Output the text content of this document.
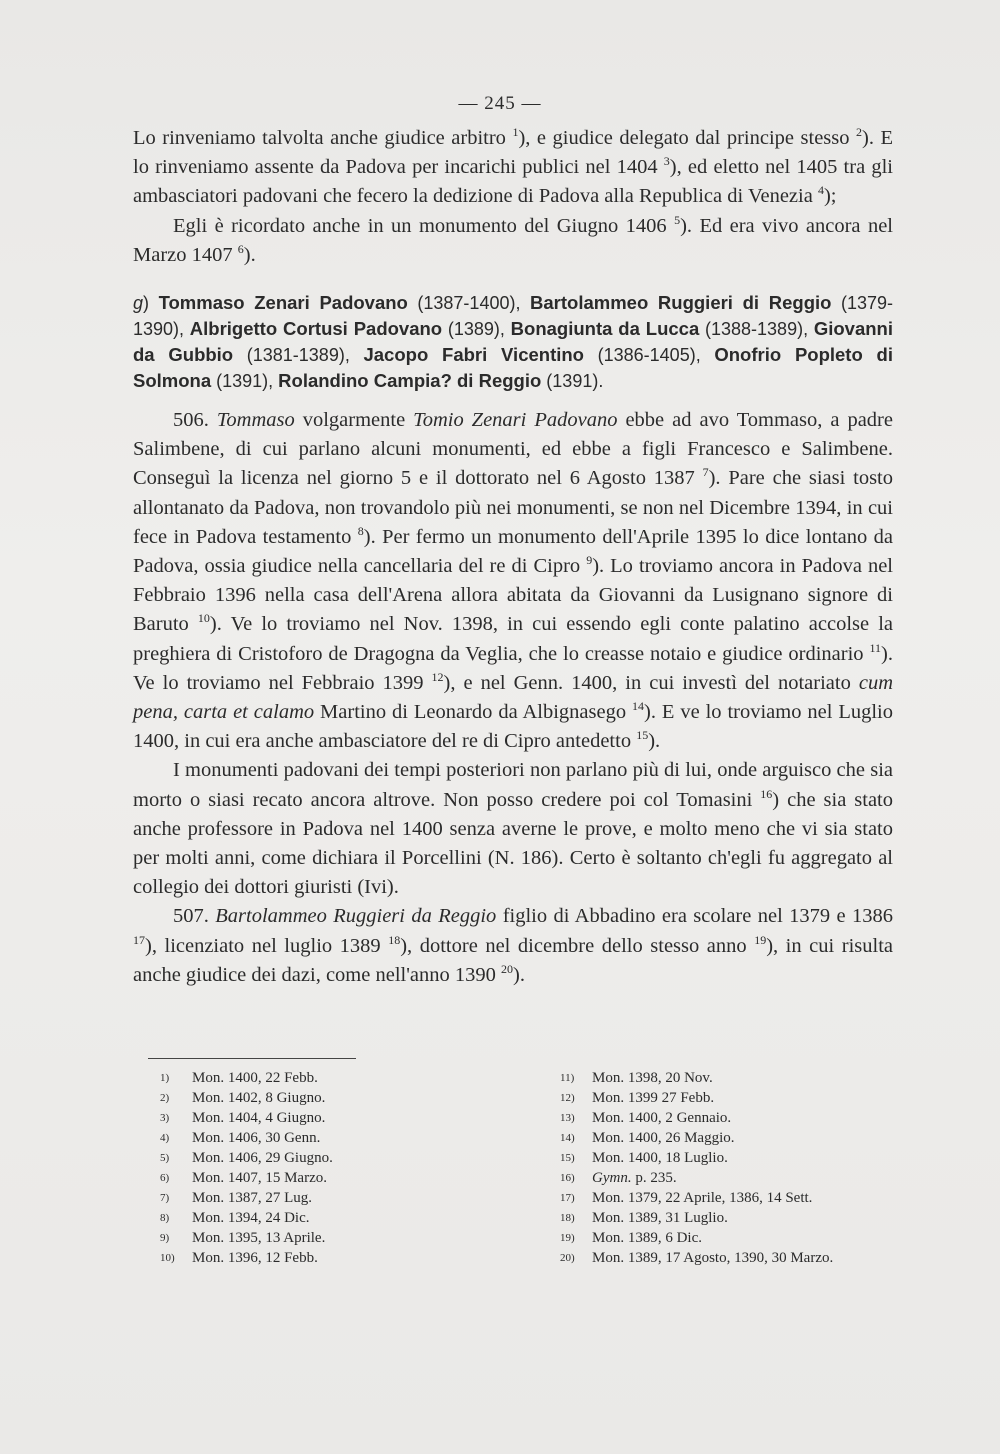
— 245 —

Lo rinveniamo talvolta anche giudice arbitro $^1$), e giudice delegato dal principe stesso $^2$). E lo rinveniamo assente da Padova per incarichi publici nel 1404 $^3$), ed eletto nel 1405 tra gli ambasciatori padovani che fecero la dedizione di Padova alla Republica di Venezia $^4$);

Egli è ricordato anche in un monumento del Giugno 1406 $^5$). Ed era vivo ancora nel Marzo 1407 $^6$).

g) Tommaso Zenari Padovano (1387-1400), Bartolammeo Ruggieri di Reggio (1379-1390), Albrigetto Cortusi Padovano (1389), Bonagiunta da Lucca (1388-1389), Giovanni da Gubbio (1381-1389), Jacopo Fabri Vicentino (1386-1405), Onofrio Popleto di Solmona (1391), Rolandino Campia? di Reggio (1391).

506. Tommaso volgarmente Tomio Zenari Padovano ebbe ad avo Tommaso, a padre Salimbene, di cui parlano alcuni monumenti, ed ebbe a figli Francesco e Salimbene. Conseguì la licenza nel giorno 5 e il dottorato nel 6 Agosto 1387 $^7$). Pare che siasi tosto allontanato da Padova, non trovandolo più nei monumenti, se non nel Dicembre 1394, in cui fece in Padova testamento $^8$). Per fermo un monumento dell'Aprile 1395 lo dice lontano da Padova, ossia giudice nella cancellaria del re di Cipro $^9$). Lo troviamo ancora in Padova nel Febbraio 1396 nella casa dell'Arena allora abitata da Giovanni da Lusignano signore di Baruto $^{10}$). Ve lo troviamo nel Nov. 1398, in cui essendo egli conte palatino accolse la preghiera di Cristoforo de Dragogna da Veglia, che lo creasse notaio e giudice ordinario $^{11}$). Ve lo troviamo nel Febbraio 1399 $^{12}$), e nel Genn. 1400, in cui investì del notariato cum pena, carta et calamo Martino di Leonardo da Albignasego $^{14}$). E ve lo troviamo nel Luglio 1400, in cui era anche ambasciatore del re di Cipro antedetto $^{15}$).

I monumenti padovani dei tempi posteriori non parlano più di lui, onde arguisco che sia morto o siasi recato ancora altrove. Non posso credere poi col Tomasini $^{16}$) che sia stato anche professore in Padova nel 1400 senza averne le prove, e molto meno che vi sia stato per molti anni, come dichiara il Porcellini (N. 186). Certo è soltanto ch'egli fu aggregato al collegio dei dottori giuristi (Ivi).

507. Bartolammeo Ruggieri da Reggio figlio di Abbadino era scolare nel 1379 e 1386 $^{17}$), licenziato nel luglio 1389 $^{18}$), dottore nel dicembre dello stesso anno $^{19}$), in cui risulta anche giudice dei dazi, come nell'anno 1390 $^{20}$).

1) Mon. 1400, 22 Febb.
2) Mon. 1402, 8 Giugno.
3) Mon. 1404, 4 Giugno.
4) Mon. 1406, 30 Genn.
5) Mon. 1406, 29 Giugno.
6) Mon. 1407, 15 Marzo.
7) Mon. 1387, 27 Lug.
8) Mon. 1394, 24 Dic.
9) Mon. 1395, 13 Aprile.
10) Mon. 1396, 12 Febb.
11) Mon. 1398, 20 Nov.
12) Mon. 1399 27 Febb.
13) Mon. 1400, 2 Gennaio.
14) Mon. 1400, 26 Maggio.
15) Mon. 1400, 18 Luglio.
16) Gymn. p. 235.
17) Mon. 1379, 22 Aprile, 1386, 14 Sett.
18) Mon. 1389, 31 Luglio.
19) Mon. 1389, 6 Dic.
20) Mon. 1389, 17 Agosto, 1390, 30 Marzo.
